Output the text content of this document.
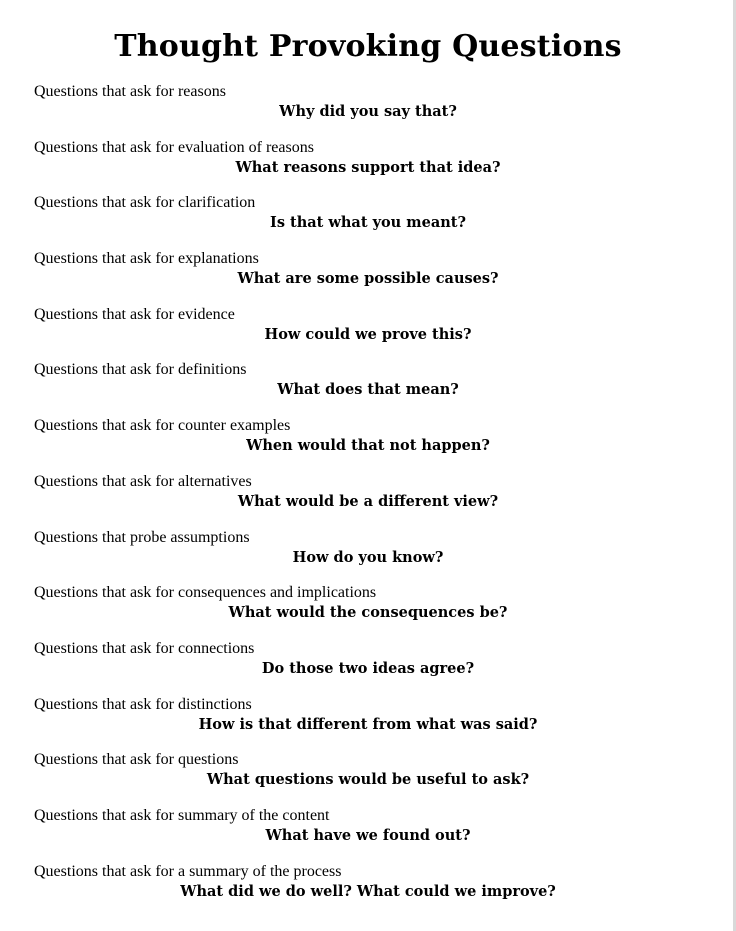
Thought Provoking Questions
Questions that ask for reasons
Why did you say that?
Questions that ask for evaluation of reasons
What reasons support that idea?
Questions that ask for clarification
Is that what you meant?
Questions that ask for explanations
What are some possible causes?
Questions that ask for evidence
How could we prove this?
Questions that ask for definitions
What does that mean?
Questions that ask for counter examples
When would that not happen?
Questions that ask for alternatives
What would be a different view?
Questions that probe assumptions
How do you know?
Questions that ask for consequences and implications
What would the consequences be?
Questions that ask for connections
Do those two ideas agree?
Questions that ask for distinctions
How is that different from what was said?
Questions that ask for questions
What questions would be useful to ask?
Questions that ask for summary of the content
What have we found out?
Questions that ask for a summary of the process
What did we do well? What could we improve?
